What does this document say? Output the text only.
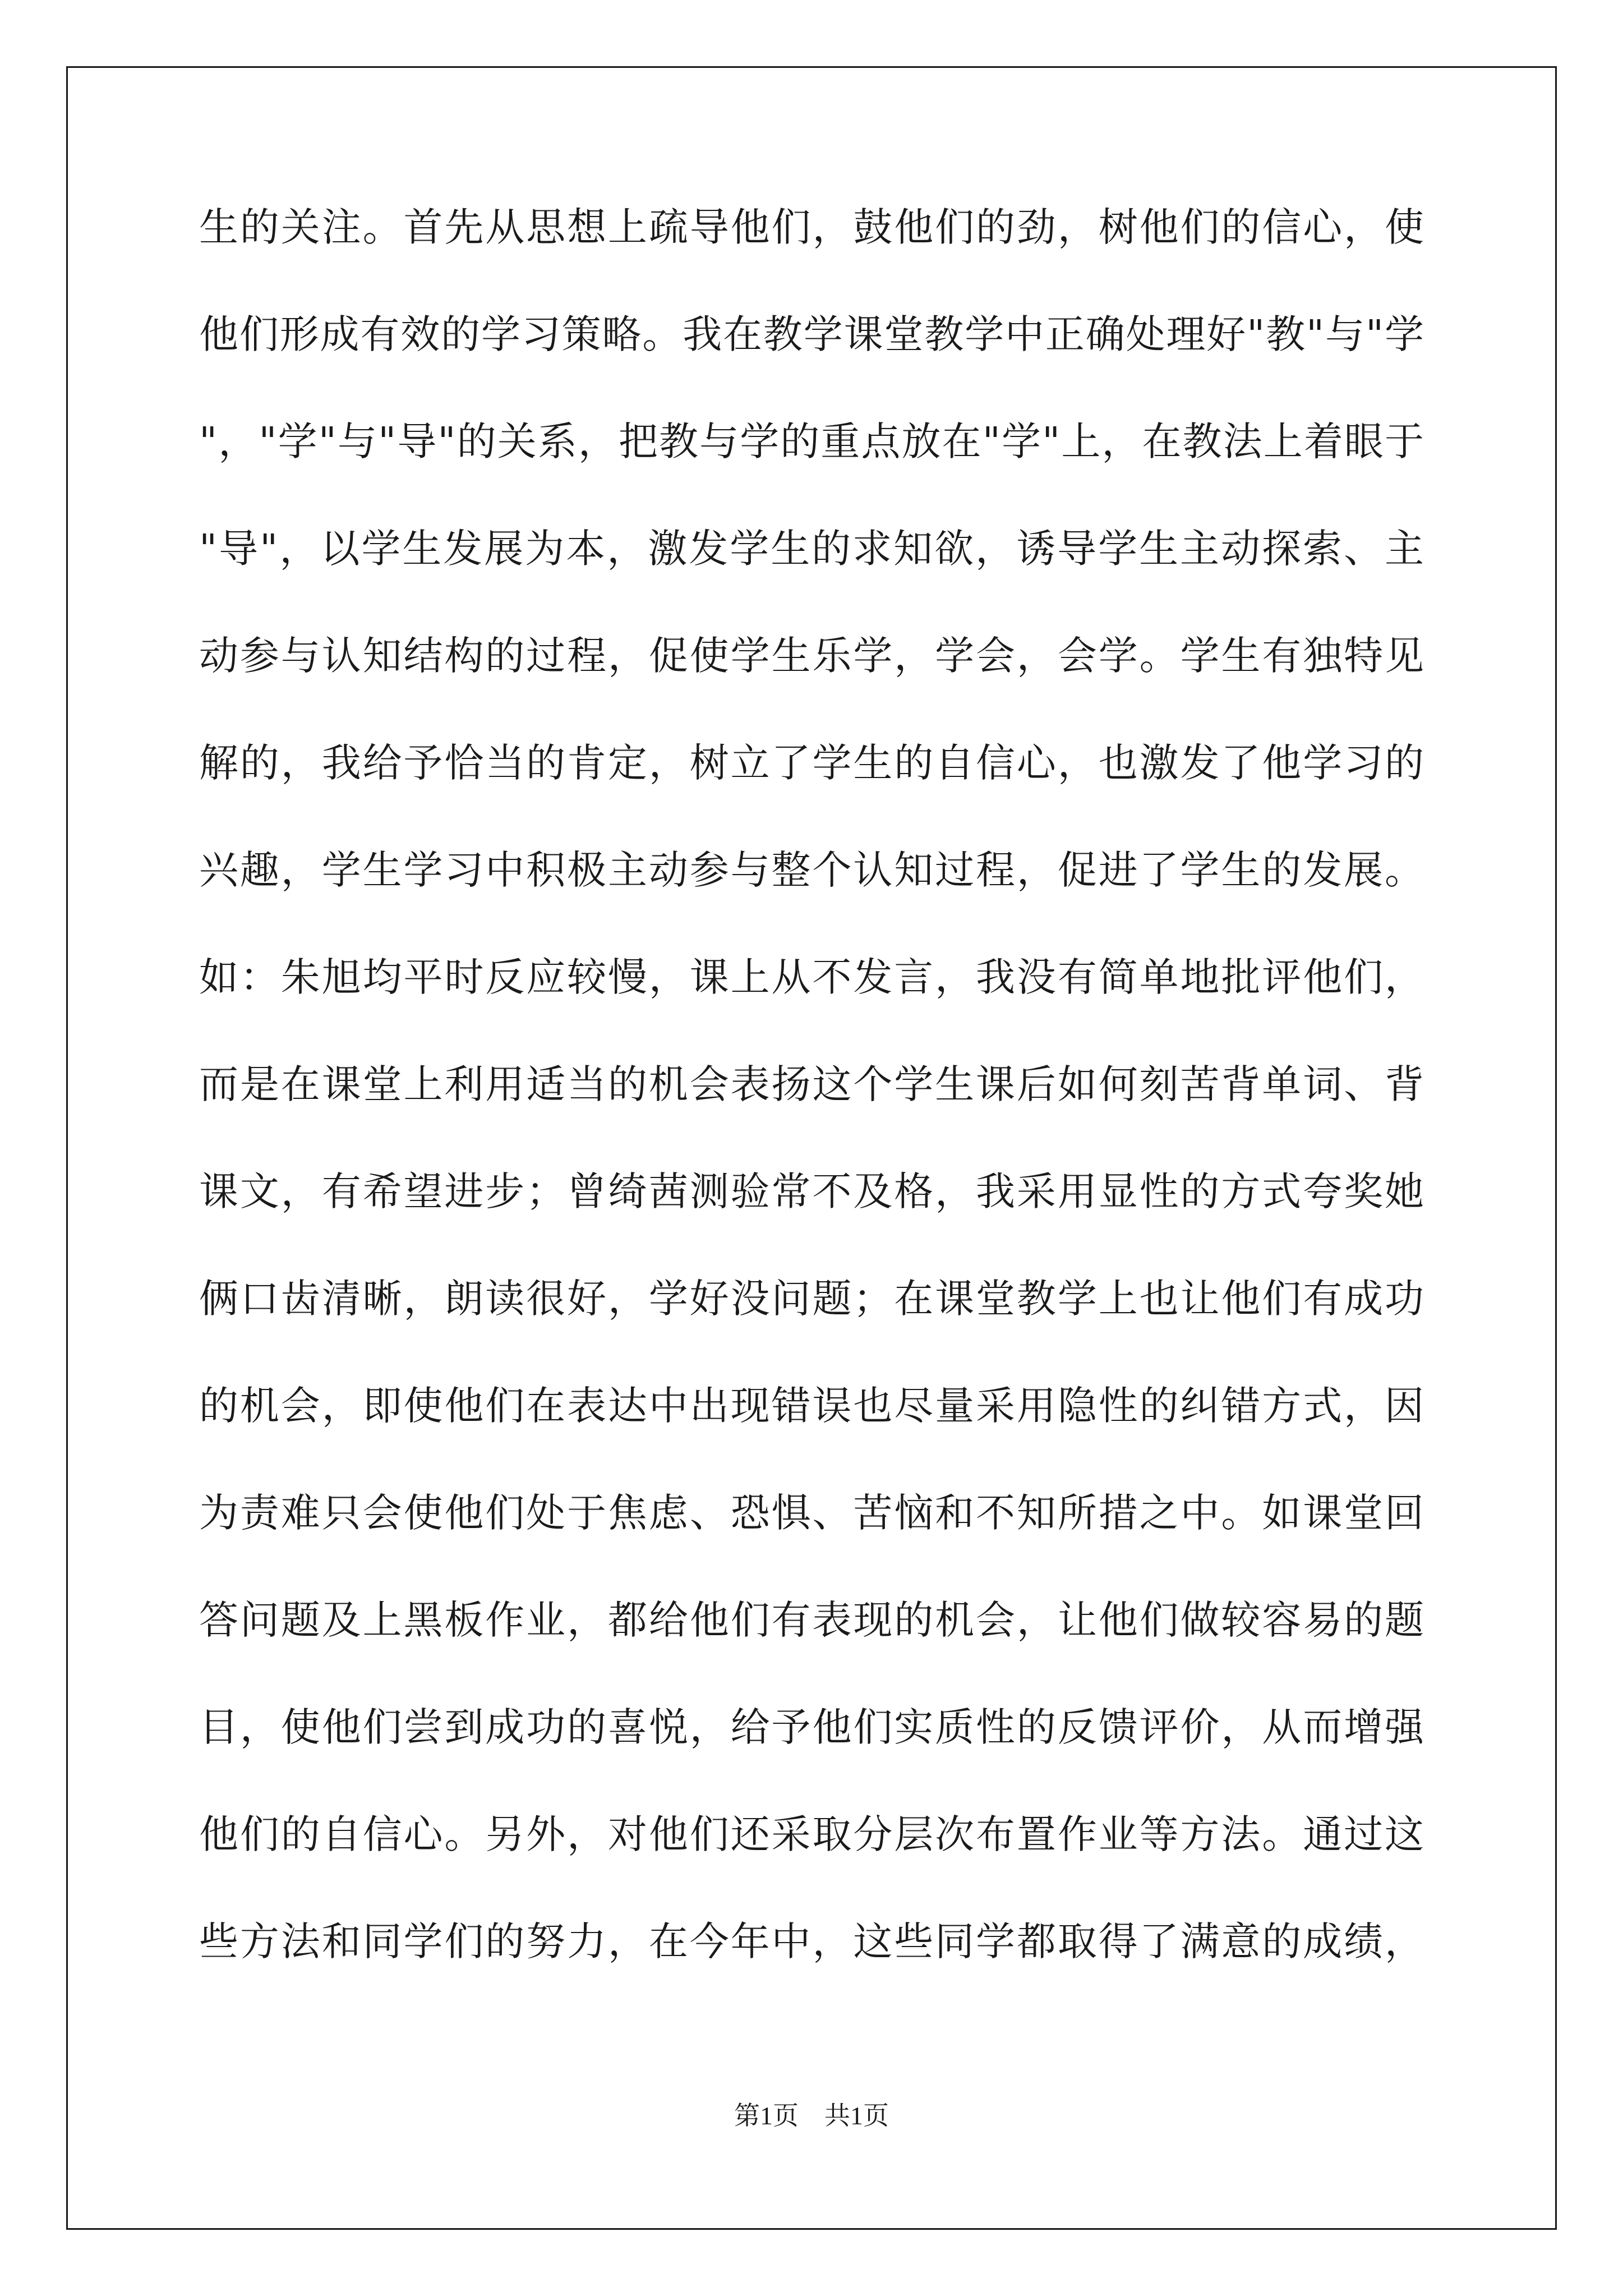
生的关注。首先从思想上疏导他们，鼓他们的劲，树他们的信心，使
他们形成有效的学习策略。我在教学课堂教学中正确处理好"教"与"学
"，"学"与"导"的关系，把教与学的重点放在"学"上，在教法上着眼于
"导"，以学生发展为本，激发学生的求知欲，诱导学生主动探索、主
动参与认知结构的过程，促使学生乐学，学会，会学。学生有独特见
解的，我给予恰当的肯定，树立了学生的自信心，也激发了他学习的
兴趣，学生学习中积极主动参与整个认知过程，促进了学生的发展。
如：朱旭均平时反应较慢，课上从不发言，我没有简单地批评他们，
而是在课堂上利用适当的机会表扬这个学生课后如何刻苦背单词、背
课文，有希望进步；曾绮茜测验常不及格，我采用显性的方式夸奖她
俩口齿清晰，朗读很好，学好没问题；在课堂教学上也让他们有成功
的机会，即使他们在表达中出现错误也尽量采用隐性的纠错方式，因
为责难只会使他们处于焦虑、恐惧、苦恼和不知所措之中。如课堂回
答问题及上黑板作业，都给他们有表现的机会，让他们做较容易的题
目，使他们尝到成功的喜悦，给予他们实质性的反馈评价，从而增强
他们的自信心。另外，对他们还采取分层次布置作业等方法。通过这
些方法和同学们的努力，在今年中，这些同学都取得了满意的成绩，
第1页　共1页
